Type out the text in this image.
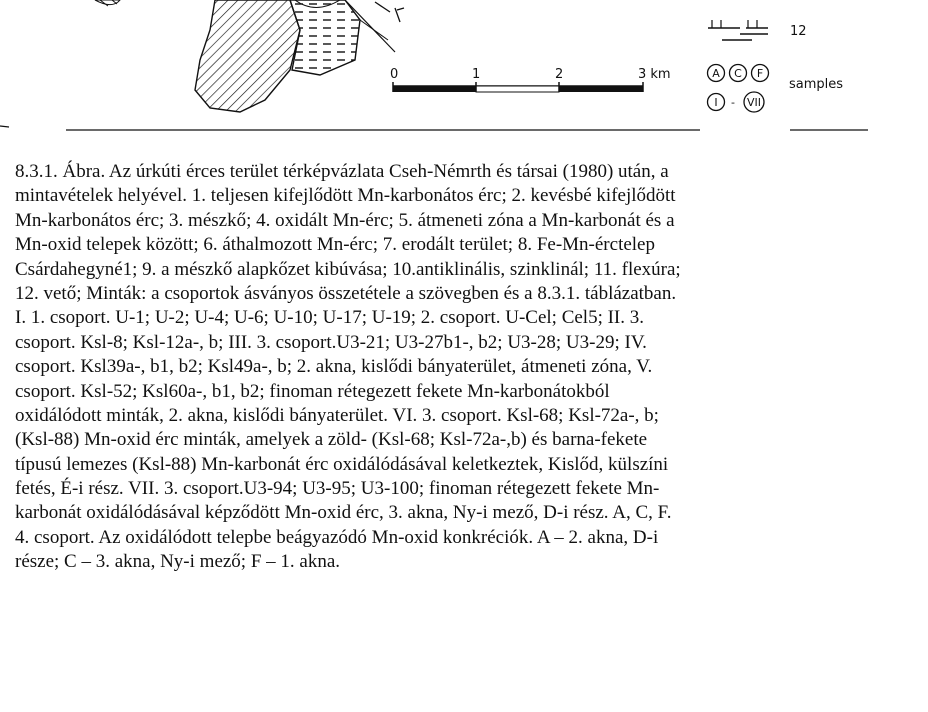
0	1	2	3 km
12
A C F
I - VII
samples
8.3.1. Ábra. Az úrkúti érces terület térképvázlata Cseh-Némrth és társai (1980) után, a
mintavételek helyével. 1. teljesen kifejlődött Mn-karbonátos érc; 2. kevésbé kifejlődött
Mn-karbonátos érc; 3. mészkő; 4. oxidált Mn-érc; 5. átmeneti zóna a Mn-karbonát és a
Mn-oxid telepek között; 6. áthalmozott Mn-érc; 7. erodált terület; 8. Fe-Mn-érctelep
Csárdahegyné1; 9. a mészkő alapkőzet kibúvása; 10.antiklinális, szinklinál; 11. flexúra;
12. vető; Minták: a csoportok ásványos összetétele a szövegben és a 8.3.1. táblázatban.
I. 1. csoport. U-1; U-2; U-4; U-6; U-10; U-17; U-19; 2. csoport. U-Cel; Cel5; II. 3.
csoport. Ksl-8; Ksl-12a-, b; III. 3. csoport.U3-21; U3-27b1-, b2; U3-28; U3-29; IV.
csoport. Ksl39a-, b1, b2; Ksl49a-, b; 2. akna, kislődi bányaterület, átmeneti zóna, V.
csoport. Ksl-52; Ksl60a-, b1, b2; finoman rétegezett fekete Mn-karbonátokból
oxidálódott minták, 2. akna, kislődi bányaterület. VI. 3. csoport. Ksl-68; Ksl-72a-, b;
(Ksl-88) Mn-oxid érc minták, amelyek a zöld- (Ksl-68; Ksl-72a-,b) és barna-fekete
típusú lemezes (Ksl-88) Mn-karbonát érc oxidálódásával keletkeztek, Kislőd, külszíni
fetés, É-i rész. VII. 3. csoport.U3-94; U3-95; U3-100; finoman rétegezett fekete Mn-
karbonát oxidálódásával képződött Mn-oxid érc, 3. akna, Ny-i mező, D-i rész. A, C, F.
4. csoport. Az oxidálódott telepbe beágyazódó Mn-oxid konkréciók. A – 2. akna, D-i
része; C – 3. akna, Ny-i mező; F – 1. akna.
